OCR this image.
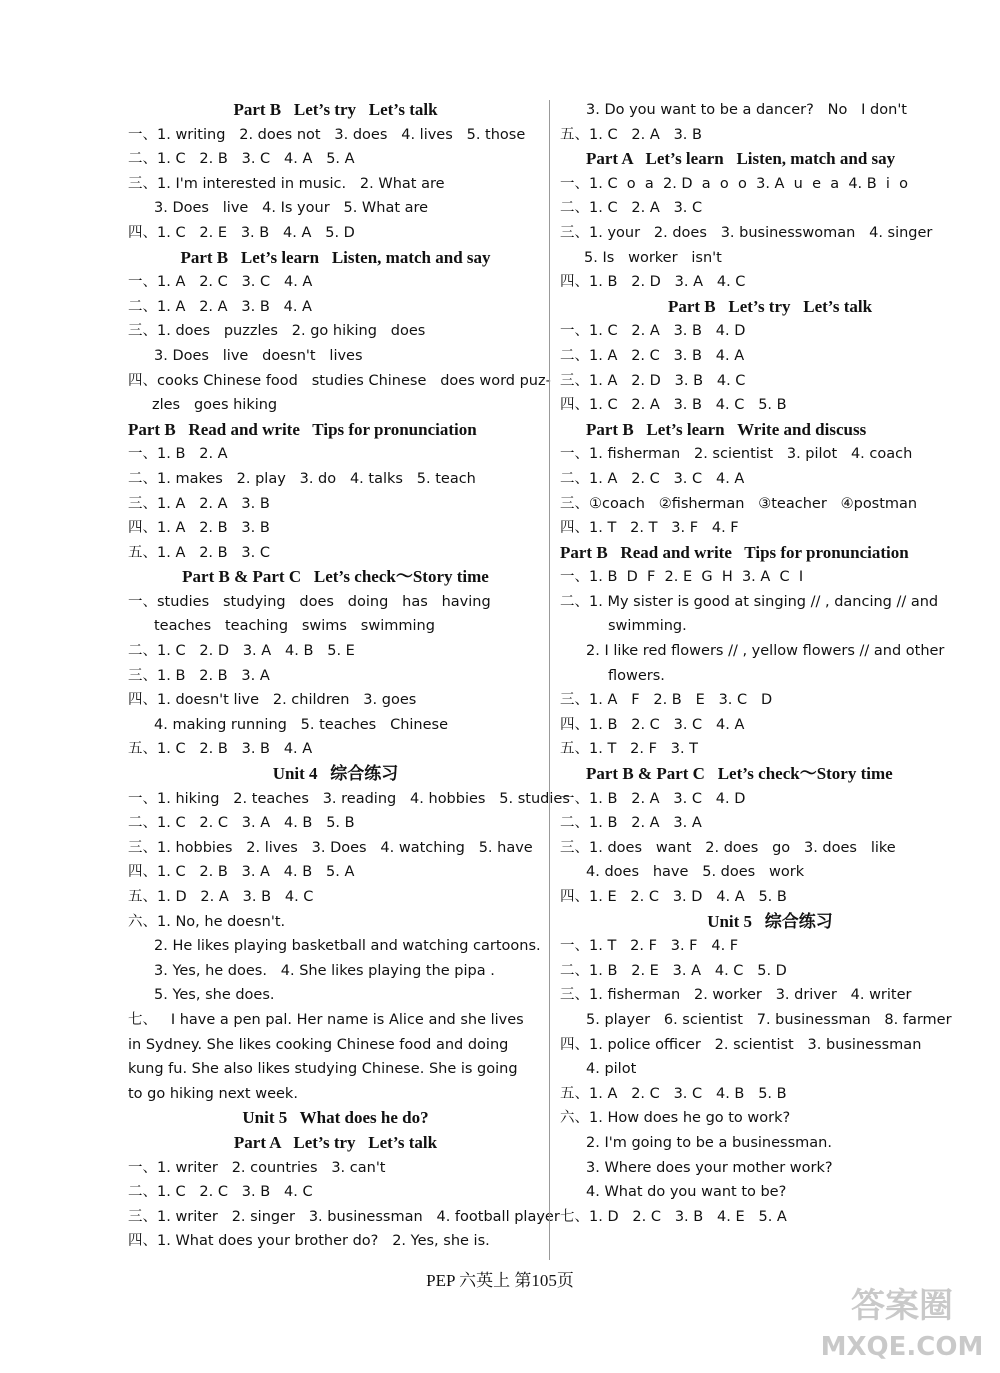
Part B   Let’s try   Let’s talk
一、1. writing   2. does not   3. does   4. lives   5. those
二、1. C   2. B   3. C   4. A   5. A
三、1. I'm interested in music.   2. What are
3. Does   live   4. Is your   5. What are
四、1. C   2. E   3. B   4. A   5. D
Part B   Let’s learn   Listen, match and say
一、1. A   2. C   3. C   4. A
二、1. A   2. A   3. B   4. A
三、1. does   puzzles   2. go hiking   does
3. Does   live   doesn't   lives
四、cooks Chinese food   studies Chinese   does word puz-
zles   goes hiking
Part B   Read and write   Tips for pronunciation
一、1. B   2. A
二、1. makes   2. play   3. do   4. talks   5. teach
三、1. A   2. A   3. B
四、1. A   2. B   3. B
五、1. A   2. B   3. C
Part B & Part C   Let’s check～Story time
一、studies   studying   does   doing   has   having
teaches   teaching   swims   swimming
二、1. C   2. D   3. A   4. B   5. E
三、1. B   2. B   3. A
四、1. doesn't live   2. children   3. goes
4. making running   5. teaches   Chinese
五、1. C   2. B   3. B   4. A
Unit 4   综合练习
一、1. hiking   2. teaches   3. reading   4. hobbies   5. studies
二、1. C   2. C   3. A   4. B   5. B
三、1. hobbies   2. lives   3. Does   4. watching   5. have
四、1. C   2. B   3. A   4. B   5. A
五、1. D   2. A   3. B   4. C
六、1. No, he doesn't.
2. He likes playing basketball and watching cartoons.
3. Yes, he does.   4. She likes playing the pipa .
5. Yes, she does.
七、   I have a pen pal. Her name is Alice and she lives
in Sydney. She likes cooking Chinese food and doing
kung fu. She also likes studying Chinese. She is going
to go hiking next week.
Unit 5   What does he do?
Part A   Let’s try   Let’s talk
一、1. writer   2. countries   3. can't
二、1. C   2. C   3. B   4. C
三、1. writer   2. singer   3. businessman   4. football player
四、1. What does your brother do?   2. Yes, she is.
3. Do you want to be a dancer?   No   I don't
五、1. C   2. A   3. B
Part A   Let’s learn   Listen, match and say
一、1. C  o  a  2. D  a  o  o  3. A  u  e  a  4. B  i  o
二、1. C   2. A   3. C
三、1. your   2. does   3. businesswoman   4. singer
5. Is   worker   isn't
四、1. B   2. D   3. A   4. C
Part B   Let’s try   Let’s talk
一、1. C   2. A   3. B   4. D
二、1. A   2. C   3. B   4. A
三、1. A   2. D   3. B   4. C
四、1. C   2. A   3. B   4. C   5. B
Part B   Let’s learn   Write and discuss
一、1. fisherman   2. scientist   3. pilot   4. coach
二、1. A   2. C   3. C   4. A
三、①coach   ②fisherman   ③teacher   ④postman
四、1. T   2. T   3. F   4. F
Part B   Read and write   Tips for pronunciation
一、1. B  D  F  2. E  G  H  3. A  C  I
二、1. My sister is good at singing // , dancing // and
swimming.
2. I like red flowers // , yellow flowers // and other
flowers.
三、1. A   F   2. B   E   3. C   D
四、1. B   2. C   3. C   4. A
五、1. T   2. F   3. T
Part B & Part C   Let’s check～Story time
一、1. B   2. A   3. C   4. D
二、1. B   2. A   3. A
三、1. does   want   2. does   go   3. does   like
4. does   have   5. does   work
四、1. E   2. C   3. D   4. A   5. B
Unit 5   综合练习
一、1. T   2. F   3. F   4. F
二、1. B   2. E   3. A   4. C   5. D
三、1. fisherman   2. worker   3. driver   4. writer
5. player   6. scientist   7. businessman   8. farmer
四、1. police officer   2. scientist   3. businessman
4. pilot
五、1. A   2. C   3. C   4. B   5. B
六、1. How does he go to work?
2. I'm going to be a businessman.
3. Where does your mother work?
4. What do you want to be?
七、1. D   2. C   3. B   4. E   5. A
PEP 六英上 第105页
答案圈
MXQE.COM
